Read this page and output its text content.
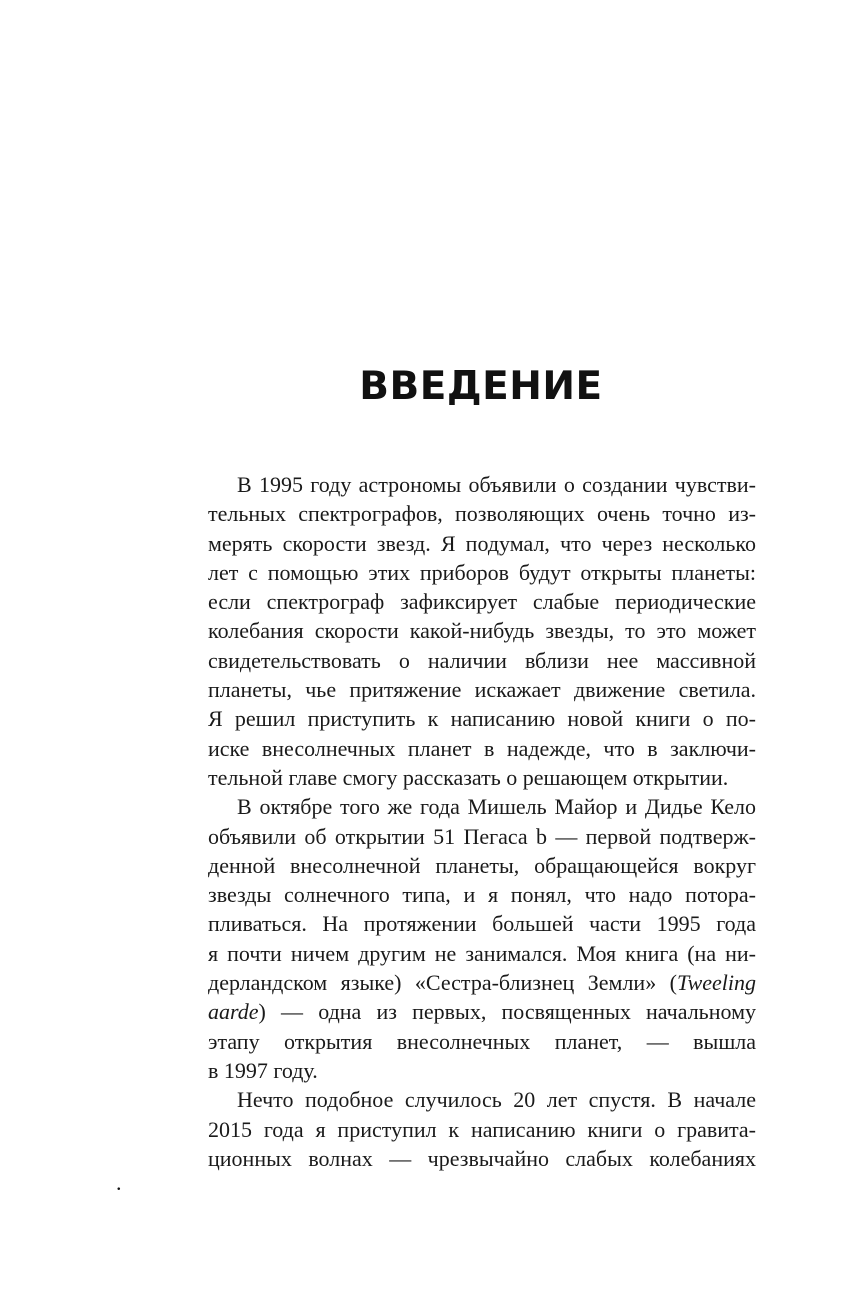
ВВЕДЕНИЕ
В 1995 году астрономы объявили о создании чувстви-
тельных спектрографов, позволяющих очень точно из-
мерять скорости звезд. Я подумал, что через несколько
лет с помощью этих приборов будут открыты планеты:
если спектрограф зафиксирует слабые периодические
колебания скорости какой-нибудь звезды, то это может
свидетельствовать о наличии вблизи нее массивной
планеты, чье притяжение искажает движение светила.
Я решил приступить к написанию новой книги о по-
иске внесолнечных планет в надежде, что в заключи-
тельной главе смогу рассказать о решающем открытии.
В октябре того же года Мишель Майор и Дидье Кело
объявили об открытии 51 Пегаса b — первой подтверж-
денной внесолнечной планеты, обращающейся вокруг
звезды солнечного типа, и я понял, что надо потора-
пливаться. На протяжении большей части 1995 года
я почти ничем другим не занимался. Моя книга (на ни-
дерландском языке) «Сестра-близнец Земли» (Tweeling
aarde) — одна из первых, посвященных начальному
этапу открытия внесолнечных планет, — вышла
в 1997 году.
Нечто подобное случилось 20 лет спустя. В начале
2015 года я приступил к написанию книги о гравита-
ционных волнах — чрезвычайно слабых колебаниях
.
